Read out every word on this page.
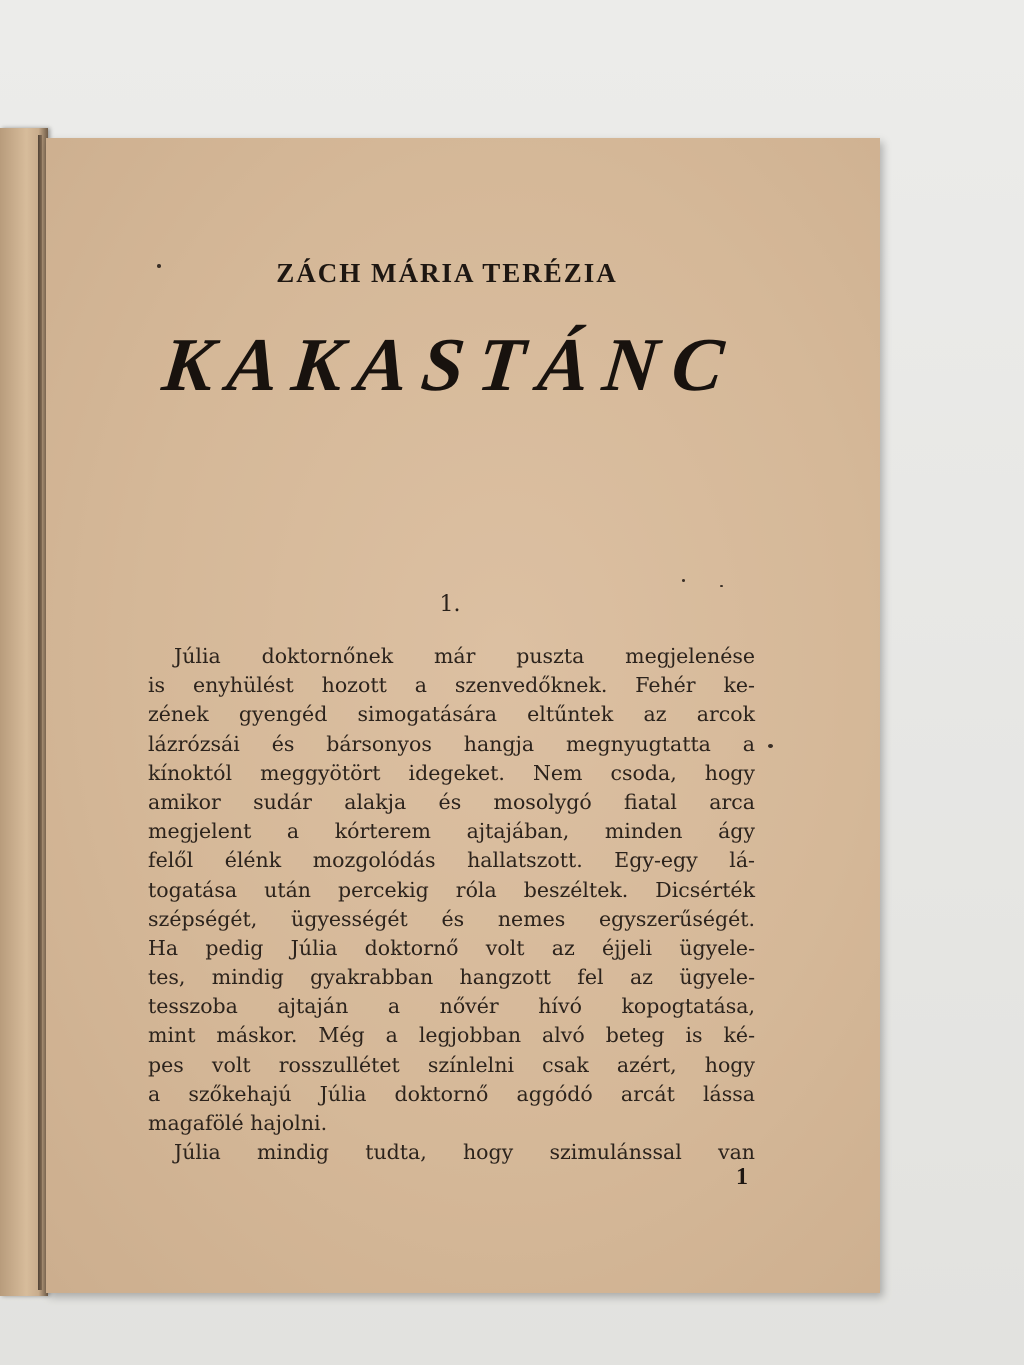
ZÁCH MÁRIA TERÉZIA
KAKASTÁNC
1.
Júlia doktornőnek már puszta megjelenése
is enyhülést hozott a szenvedőknek. Fehér ke-
zének gyengéd simogatására eltűntek az arcok
lázrózsái és bársonyos hangja megnyugtatta a
kínoktól meggyötört idegeket. Nem csoda, hogy
amikor sudár alakja és mosolygó fiatal arca
megjelent a kórterem ajtajában, minden ágy
felől élénk mozgolódás hallatszott. Egy-egy lá-
togatása után percekig róla beszéltek. Dicsérték
szépségét, ügyességét és nemes egyszerűségét.
Ha pedig Júlia doktornő volt az éjjeli ügyele-
tes, mindig gyakrabban hangzott fel az ügyele-
tesszoba ajtaján a nővér hívó kopogtatása,
mint máskor. Még a legjobban alvó beteg is ké-
pes volt rosszullétet színlelni csak azért, hogy
a szőkehajú Júlia doktornő aggódó arcát lássa
magafölé hajolni.
Júlia mindig tudta, hogy szimulánssal van
1
